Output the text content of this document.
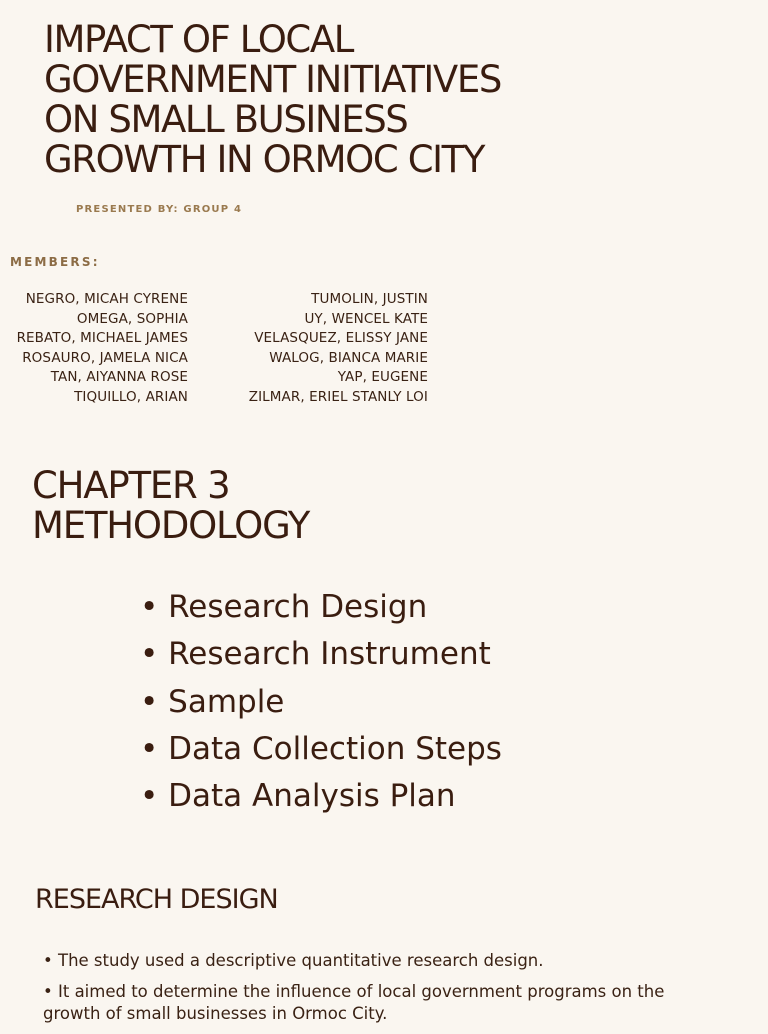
IMPACT OF LOCAL
GOVERNMENT INITIATIVES
ON SMALL BUSINESS
GROWTH IN ORMOC CITY
PRESENTED BY: GROUP 4
MEMBERS:
NEGRO, MICAH CYRENE
OMEGA, SOPHIA
REBATO, MICHAEL JAMES
ROSAURO, JAMELA NICA
TAN, AIYANNA ROSE
TIQUILLO, ARIAN
TUMOLIN, JUSTIN
UY, WENCEL KATE
VELASQUEZ, ELISSY JANE
WALOG, BIANCA MARIE
YAP, EUGENE
ZILMAR, ERIEL STANLY LOI
CHAPTER 3
METHODOLOGY
• Research Design
• Research Instrument
• Sample
• Data Collection Steps
• Data Analysis Plan
RESEARCH DESIGN
• The study used a descriptive quantitative research design.
• It aimed to determine the influence of local government programs on the growth of small businesses in Ormoc City.
